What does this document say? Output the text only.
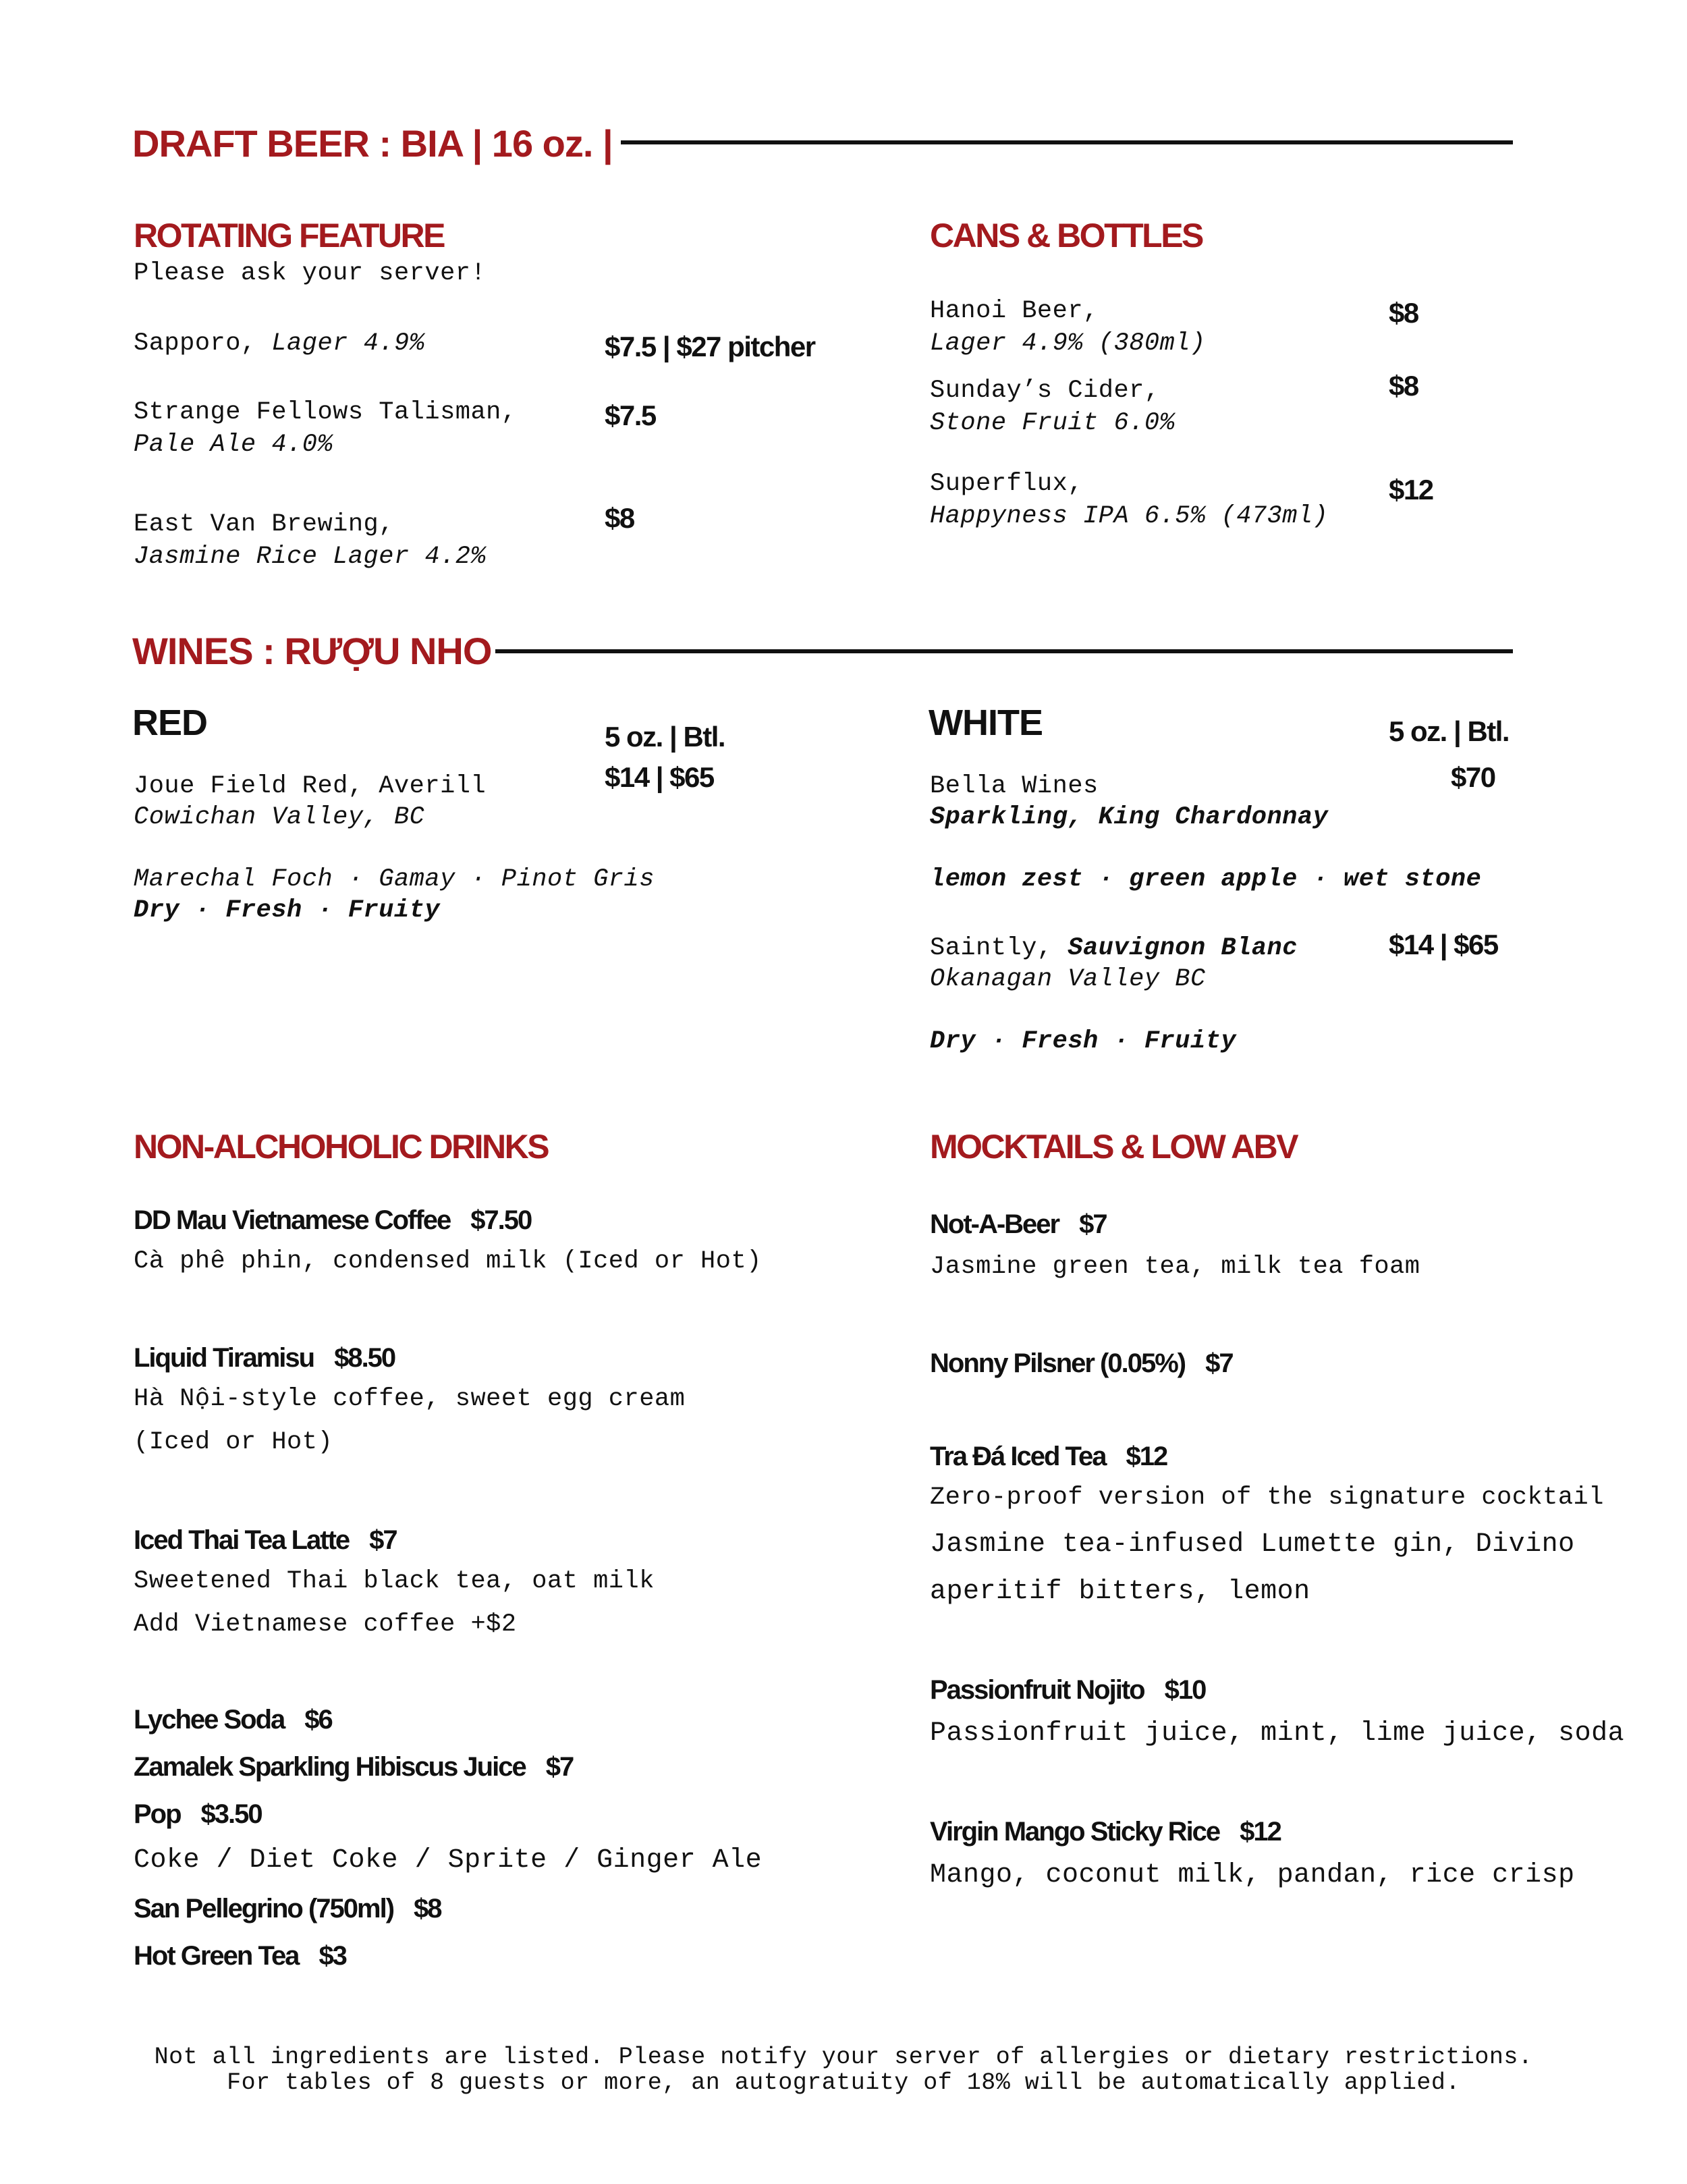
DRAFT BEER : BIA | 16 oz. |
ROTATING FEATURE
Please ask your server!
Sapporo, Lager 4.9%	$7.5 | $27 pitcher
Strange Fellows Talisman,
Pale Ale 4.0%
$7.5
East Van Brewing,
Jasmine Rice Lager 4.2%
$8
CANS & BOTTLES
Hanoi Beer,
Lager 4.9% (380ml)
$8
Sunday’s Cider,
Stone Fruit 6.0%
$8
Superflux,
Happyness IPA 6.5% (473ml)
$12
WINES : RƯỢU NHO
RED	5 oz. | Btl.
$14 | $65
Joue Field Red, Averill
Cowichan Valley, BC
Marechal Foch · Gamay · Pinot Gris
Dry · Fresh · Fruity
WHITE	5 oz. | Btl.
Bella Wines
Sparkling, King Chardonnay
lemon zest · green apple · wet stone
$70
Saintly, Sauvignon Blanc
Okanagan Valley BC
Dry · Fresh · Fruity
$14 | $65
NON-ALCHOHOLIC DRINKS
DD Mau Vietnamese Coffee $7.50
Cà phê phin, condensed milk (Iced or Hot)
Liquid Tiramisu $8.50
Hà Nội-style coffee, sweet egg cream
(Iced or Hot)
Iced Thai Tea Latte $7
Sweetened Thai black tea, oat milk
Add Vietnamese coffee +$2
Lychee Soda $6
Zamalek Sparkling Hibiscus Juice $7
Pop $3.50
Coke / Diet Coke / Sprite / Ginger Ale
San Pellegrino (750ml) $8
Hot Green Tea $3
MOCKTAILS & LOW ABV
Not-A-Beer $7
Jasmine green tea, milk tea foam
Nonny Pilsner (0.05%) $7
Tra Đá Iced Tea $12
Zero-proof version of the signature cocktail
Jasmine tea-infused Lumette gin, Divino
aperitif bitters, lemon
Passionfruit Nojito $10
Passionfruit juice, mint, lime juice, soda
Virgin Mango Sticky Rice $12
Mango, coconut milk, pandan, rice crisp
Not all ingredients are listed. Please notify your server of allergies or dietary restrictions.
For tables of 8 guests or more, an autogratuity of 18% will be automatically applied.
